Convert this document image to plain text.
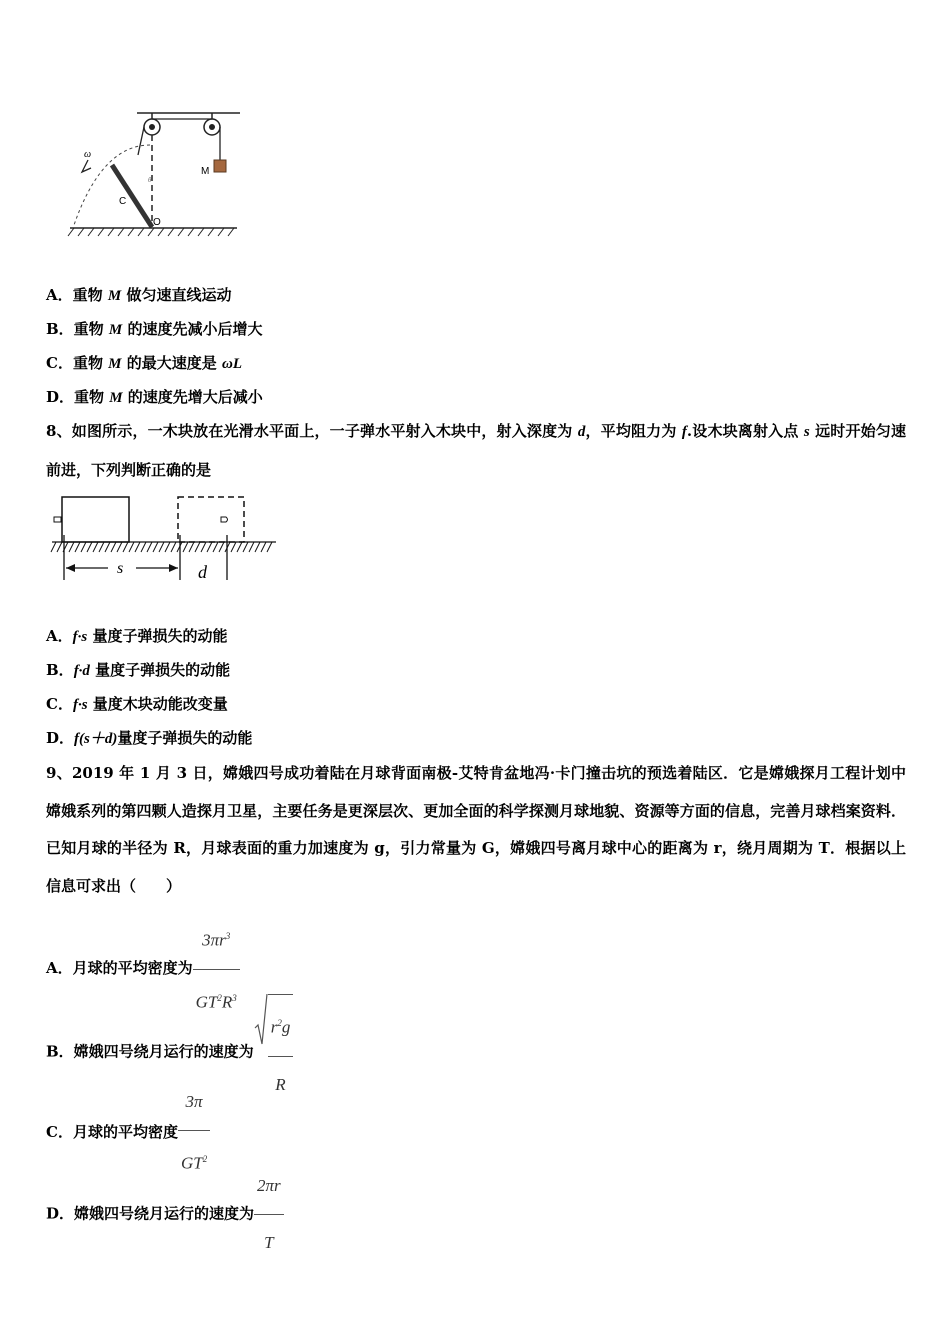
ω
M
C
O
θ
A．重物 M 做匀速直线运动
B．重物 M 的速度先减小后增大
C．重物 M 的最大速度是 ωL
D．重物 M 的速度先增大后减小
8、如图所示，一木块放在光滑水平面上，一子弹水平射入木块中，射入深度为 d，平均阻力为 f.设木块离射入点 s 远时开始匀速前进，下列判断正确的是
s	d
A．f·s 量度子弹损失的动能
B．f·d 量度子弹损失的动能
C．f·s 量度木块动能改变量
D．f(s＋d)量度子弹损失的动能
9、2019 年 1 月 3 日，嫦娥四号成功着陆在月球背面南极-艾特肯盆地冯·卡门撞击坑的预选着陆区．它是嫦娥探月工程计划中嫦娥系列的第四颗人造探月卫星，主要任务是更深层次、更加全面的科学探测月球地貌、资源等方面的信息，完善月球档案资料．已知月球的半径为 R，月球表面的重力加速度为 g，引力常量为 G，嫦娥四号离月球中心的距离为 r，绕月周期为 T．根据以上信息可求出（　　）
A．月球的平均密度为 $\frac{3\pi r^3}{GT^2R^3}$
B．嫦娥四号绕月运行的速度为 $\frac{r^2g}{R}$
C．月球的平均密度 $\frac{3\pi}{GT^2}$
D．嫦娥四号绕月运行的速度为 $\frac{2\pi r}{T}$
